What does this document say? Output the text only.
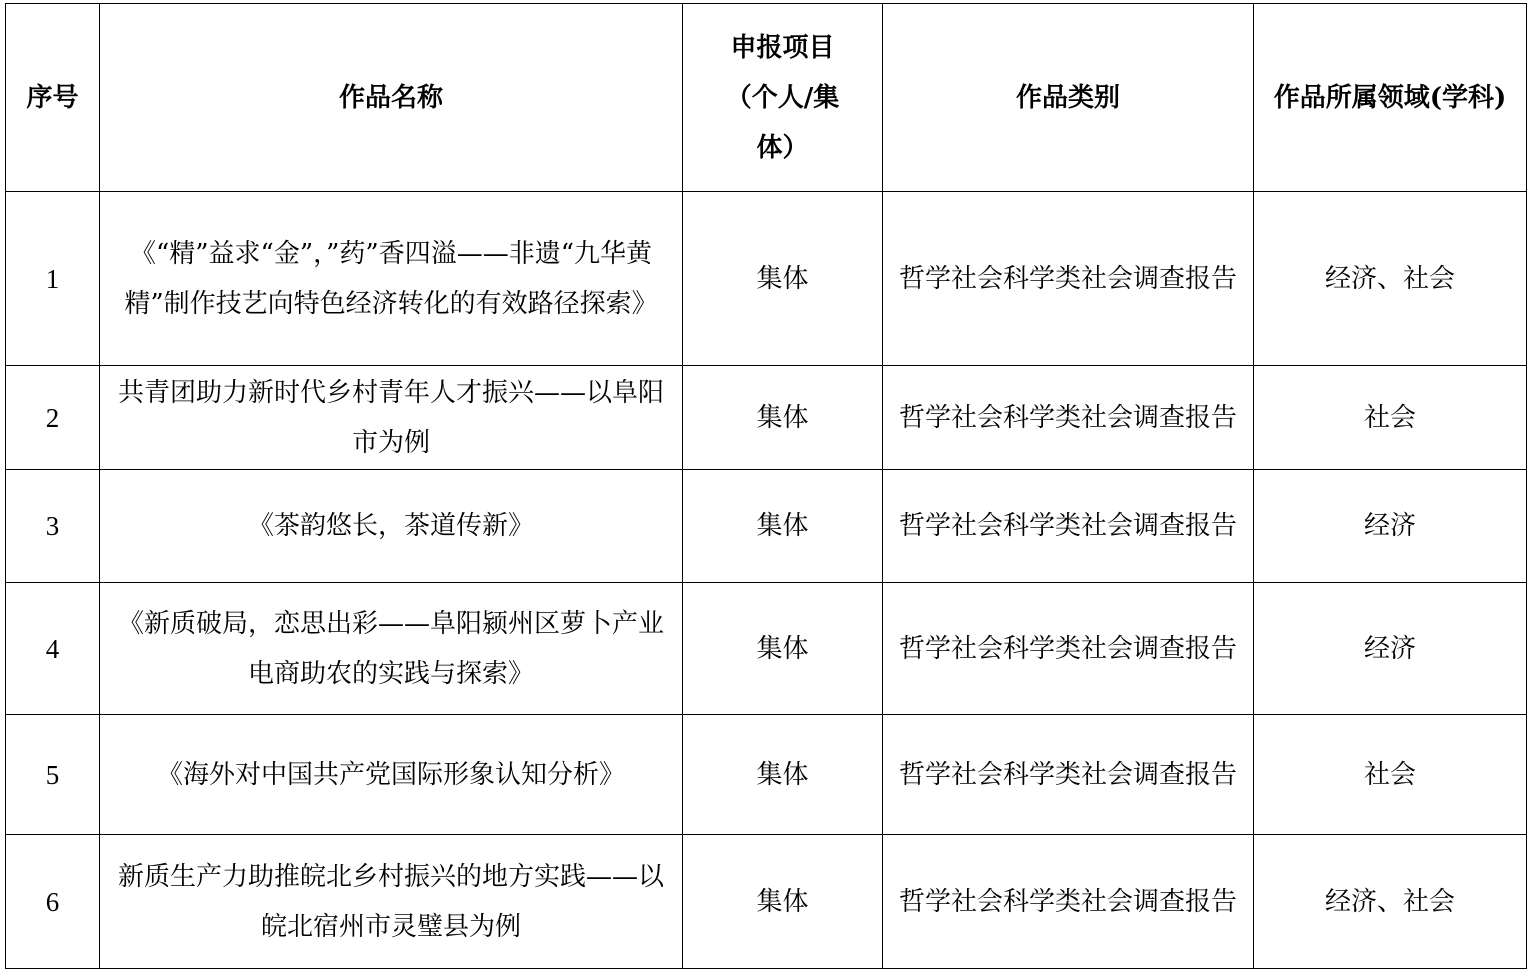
序号	作品名称	申报项目（个人/集体）	作品类别	作品所属领域(学科)
1	《“精”益求“金”，”药”香四溢——非遗“九华黄精”制作技艺向特色经济转化的有效路径探索》	集体	哲学社会科学类社会调查报告	经济、社会
2	共青团助力新时代乡村青年人才振兴——以阜阳市为例	集体	哲学社会科学类社会调查报告	社会
3	《茶韵悠长，茶道传新》	集体	哲学社会科学类社会调查报告	经济
4	《新质破局，恋思出彩——阜阳颍州区萝卜产业电商助农的实践与探索》	集体	哲学社会科学类社会调查报告	经济
5	《海外对中国共产党国际形象认知分析》	集体	哲学社会科学类社会调查报告	社会
6	新质生产力助推皖北乡村振兴的地方实践——以皖北宿州市灵璧县为例	集体	哲学社会科学类社会调查报告	经济、社会
